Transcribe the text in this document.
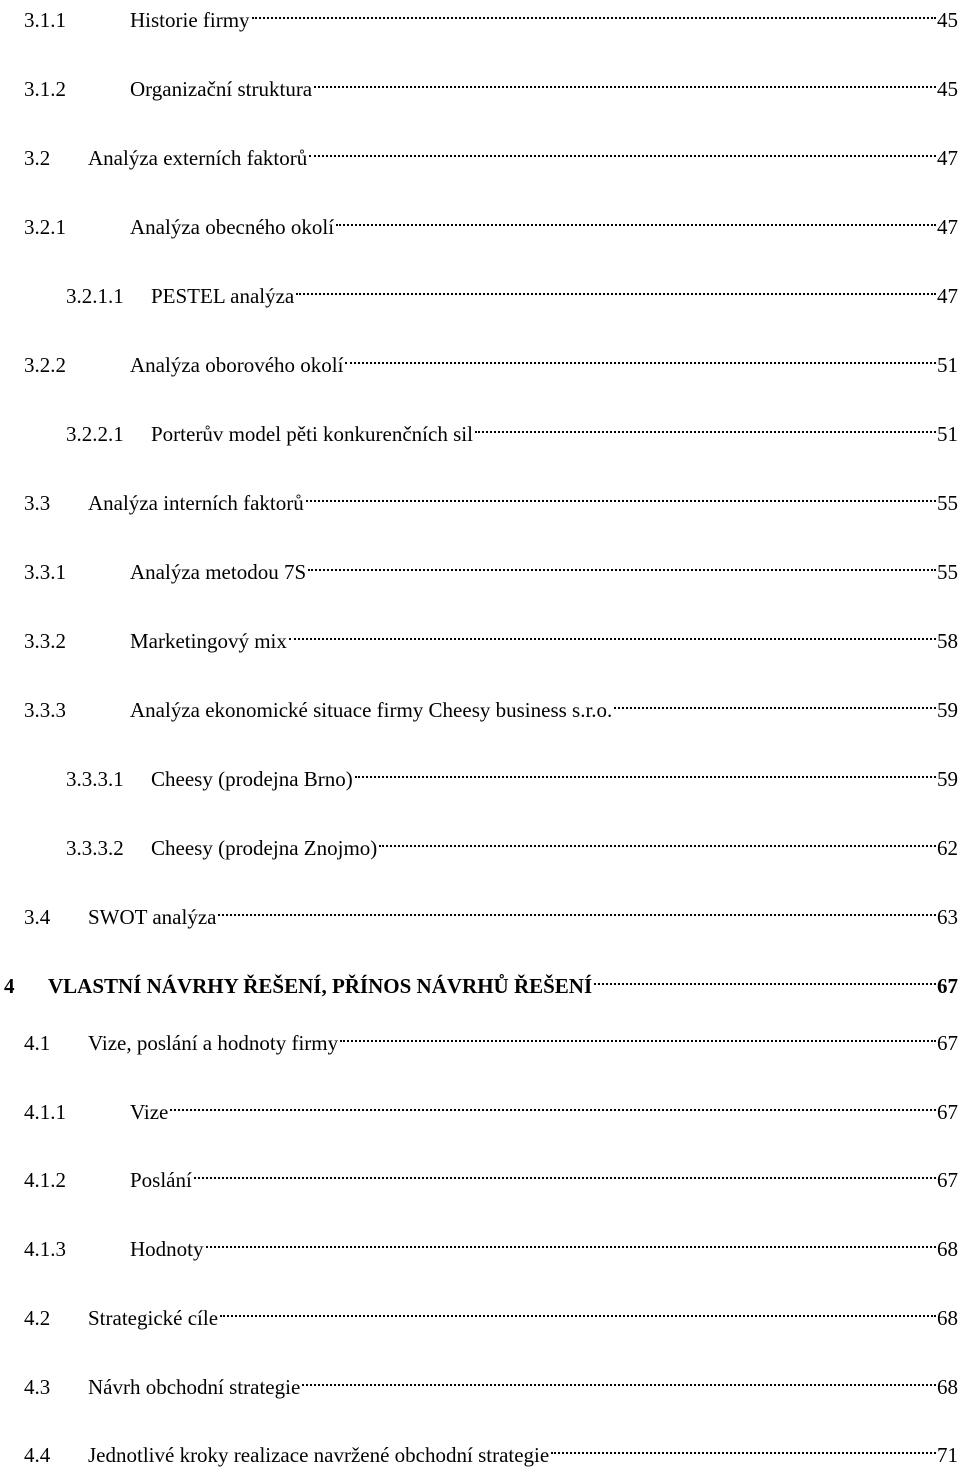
3.1.1	Historie firmy	45
3.1.2	Organizační struktura	45
3.2	Analýza externích faktorů	47
3.2.1	Analýza obecného okolí	47
3.2.1.1	PESTEL analýza	47
3.2.2	Analýza oborového okolí	51
3.2.2.1	Porterův model pěti konkurenčních sil	51
3.3	Analýza interních faktorů	55
3.3.1	Analýza metodou 7S	55
3.3.2	Marketingový mix	58
3.3.3	Analýza ekonomické situace firmy Cheesy business s.r.o.	59
3.3.3.1	Cheesy (prodejna Brno)	59
3.3.3.2	Cheesy (prodejna Znojmo)	62
3.4	SWOT analýza	63
4	VLASTNÍ NÁVRHY ŘEŠENÍ, PŘÍNOS NÁVRHŮ ŘEŠENÍ	67
4.1	Vize, poslání a hodnoty firmy	67
4.1.1	Vize	67
4.1.2	Poslání	67
4.1.3	Hodnoty	68
4.2	Strategické cíle	68
4.3	Návrh obchodní strategie	68
4.4	Jednotlivé kroky realizace navržené obchodní strategie	71
